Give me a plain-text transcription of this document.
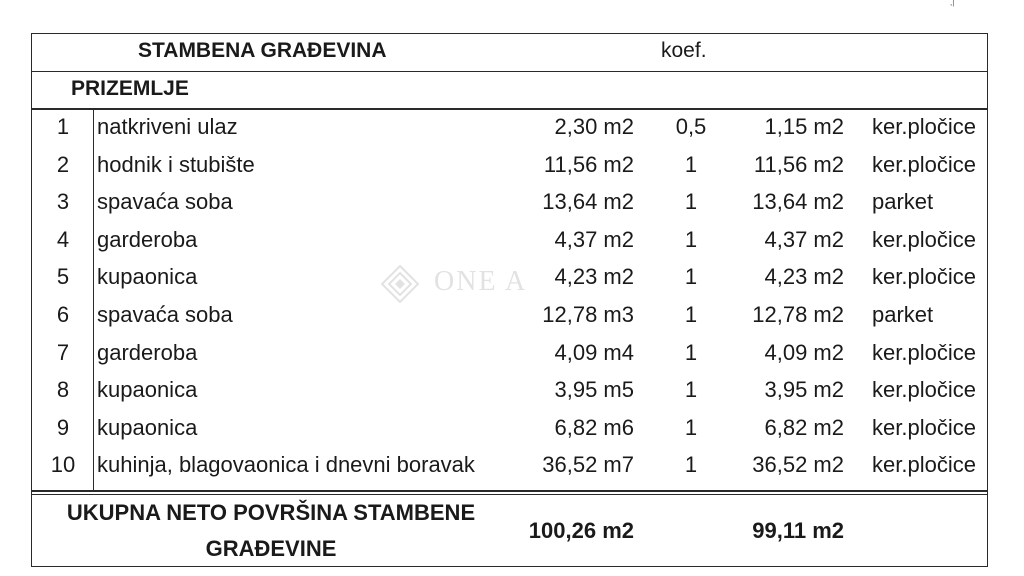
,|
STAMBENA GRAĐEVINA	koef.
PRIZEMLJE
1	natkriveni ulaz	2,30 m2	0,5	1,15 m2 ker.pločice
2	hodnik i stubište	11,56 m2	1	11,56 m2 ker.pločice
3	spavaća soba	13,64 m2	1	13,64 m2 parket
4	garderoba	4,37 m2	1	4,37 m2 ker.pločice
5	kupaonica	4,23 m2	1	4,23 m2 ker.pločice
6	spavaća soba	12,78 m3	1	12,78 m2 parket
7	garderoba	4,09 m4	1	4,09 m2 ker.pločice
8	kupaonica	3,95 m5	1	3,95 m2 ker.pločice
9	kupaonica	6,82 m6	1	6,82 m2 ker.pločice
10 kuhinja, blagovaonica i dnevni boravak	36,52 m7	1	36,52 m2 ker.pločice
UKUPNA NETO POVRŠINA STAMBENE
GRAĐEVINE
100,26 m2	99,11 m2
ONE A
